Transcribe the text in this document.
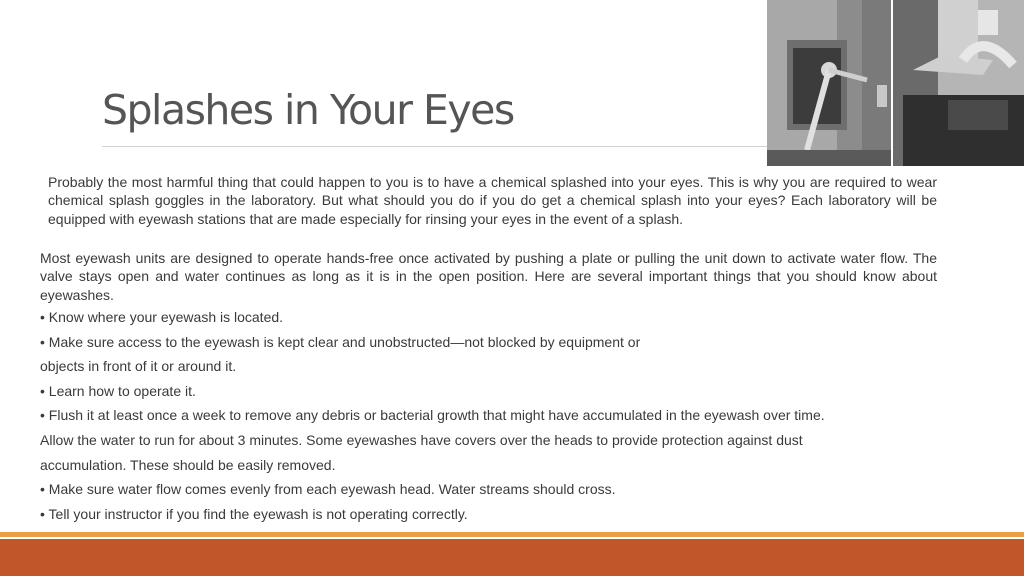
Splashes in Your Eyes
Probably the most harmful thing that could happen to you is to have a chemical splashed into your eyes. This is why you are required to wear chemical splash goggles in the laboratory. But what should you do if you do get a chemical splash into your eyes? Each laboratory will be equipped with eyewash stations that are made especially for rinsing your eyes in the event of a splash.
Most eyewash units are designed to operate hands-free once activated by pushing a plate or pulling the unit down to activate water flow. The valve stays open and water continues as long as it is in the open position. Here are several important things that you should know about eyewashes.
• Know where your eyewash is located.
• Make sure access to the eyewash is kept clear and unobstructed—not blocked by equipment or
objects in front of it or around it.
• Learn how to operate it.
• Flush it at least once a week to remove any debris or bacterial growth that might have accumulated in the eyewash over time.
Allow the water to run for about 3 minutes. Some eyewashes have covers over the heads to provide protection against dust
accumulation. These should be easily removed.
• Make sure water flow comes evenly from each eyewash head. Water streams should cross.
• Tell your instructor if you find the eyewash is not operating correctly.
